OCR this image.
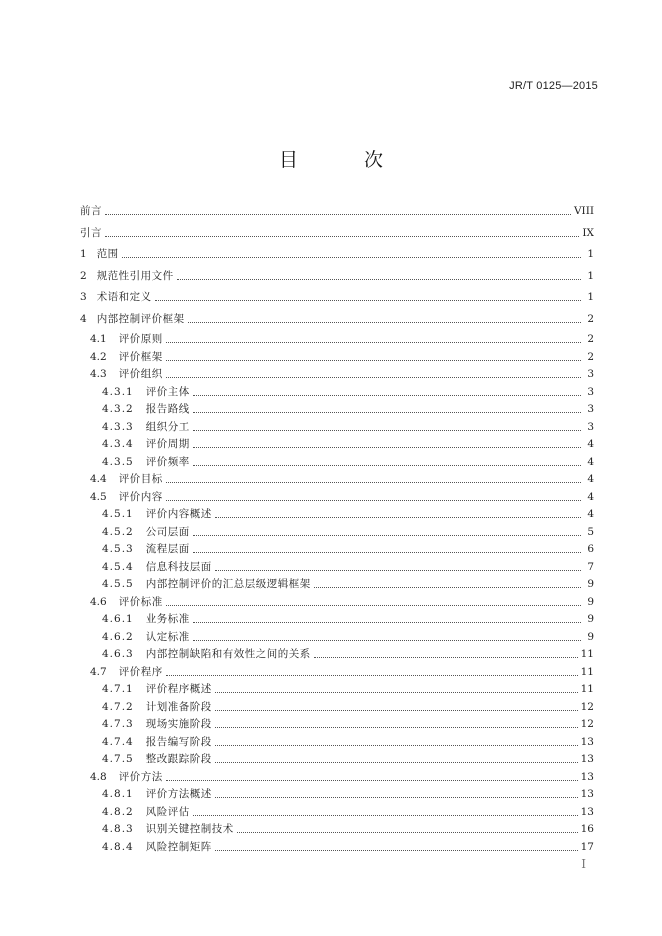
JR/T 0125—2015
目 次
前言	VIII
引言	IX
1 范围	1
2 规范性引用文件	1
3 术语和定义	1
4 内部控制评价框架	2
4.1 评价原则	2
4.2 评价框架	2
4.3 评价组织	3
4.3.1 评价主体	3
4.3.2 报告路线	3
4.3.3 组织分工	3
4.3.4 评价周期	4
4.3.5 评价频率	4
4.4 评价目标	4
4.5 评价内容	4
4.5.1 评价内容概述	4
4.5.2 公司层面	5
4.5.3 流程层面	6
4.5.4 信息科技层面	7
4.5.5 内部控制评价的汇总层级逻辑框架	9
4.6 评价标准	9
4.6.1 业务标准	9
4.6.2 认定标准	9
4.6.3 内部控制缺陷和有效性之间的关系	11
4.7 评价程序	11
4.7.1 评价程序概述	11
4.7.2 计划准备阶段	12
4.7.3 现场实施阶段	12
4.7.4 报告编写阶段	13
4.7.5 整改跟踪阶段	13
4.8 评价方法	13
4.8.1 评价方法概述	13
4.8.2 风险评估	13
4.8.3 识别关键控制技术	16
4.8.4 风险控制矩阵	17
I
